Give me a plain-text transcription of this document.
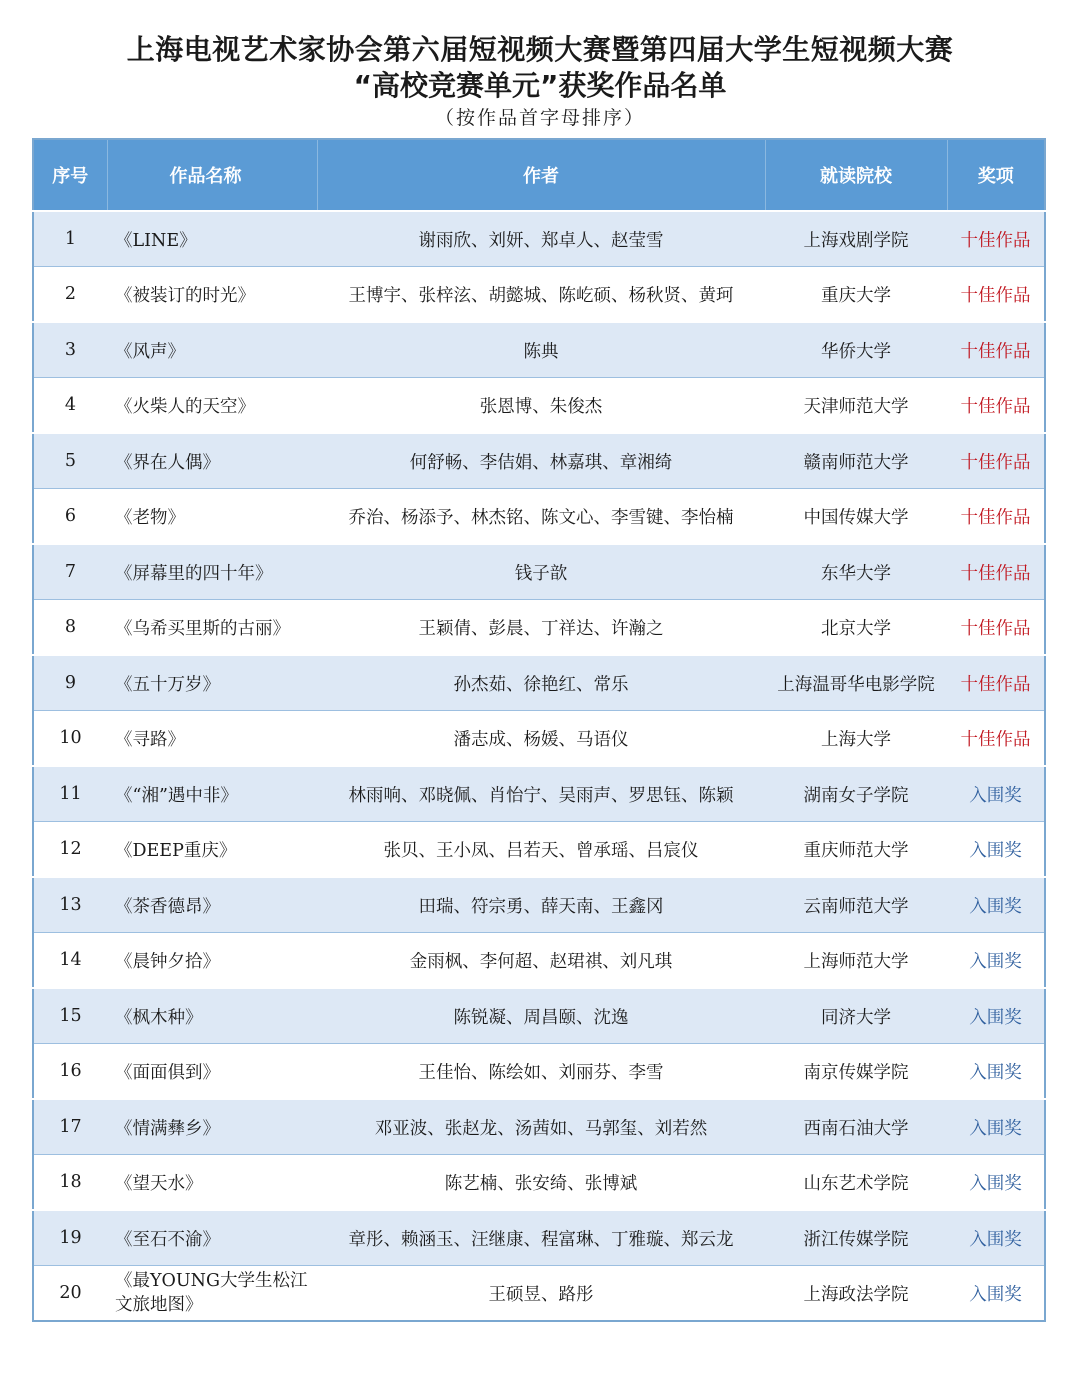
上海电视艺术家协会第六届短视频大赛暨第四届大学生短视频大赛
“高校竞赛单元”获奖作品名单
（按作品首字母排序）
序号	作品名称	作者	就读院校	奖项
1	《LINE》	谢雨欣、刘妍、郑卓人、赵莹雪	上海戏剧学院	十佳作品
2	《被装订的时光》	王博宇、张梓泫、胡懿城、陈屹硕、杨秋贤、黄珂	重庆大学	十佳作品
3	《风声》	陈典	华侨大学	十佳作品
4	《火柴人的天空》	张恩博、朱俊杰	天津师范大学	十佳作品
5	《界在人偶》	何舒畅、李佶娟、林嘉琪、章湘绮	赣南师范大学	十佳作品
6	《老物》	乔治、杨添予、林杰铭、陈文心、李雪键、李怡楠	中国传媒大学	十佳作品
7	《屏幕里的四十年》	钱子歆	东华大学	十佳作品
8	《乌希买里斯的古丽》	王颖倩、彭晨、丁祥达、许瀚之	北京大学	十佳作品
9	《五十万岁》	孙杰茹、徐艳红、常乐	上海温哥华电影学院	十佳作品
10	《寻路》	潘志成、杨媛、马语仪	上海大学	十佳作品
11	《“湘”遇中非》	林雨响、邓晓佩、肖怡宁、吴雨声、罗思钰、陈颖	湖南女子学院	入围奖
12	《DEEP重庆》	张贝、王小凤、吕若天、曾承瑶、吕宸仪	重庆师范大学	入围奖
13	《茶香德昂》	田瑞、符宗勇、薛天南、王鑫冈	云南师范大学	入围奖
14	《晨钟夕拾》	金雨枫、李何超、赵珺祺、刘凡琪	上海师范大学	入围奖
15	《枫木种》	陈锐凝、周昌颐、沈逸	同济大学	入围奖
16	《面面俱到》	王佳怡、陈绘如、刘丽芬、李雪	南京传媒学院	入围奖
17	《情满彝乡》	邓亚波、张赵龙、汤茜如、马郭玺、刘若然	西南石油大学	入围奖
18	《望天水》	陈艺楠、张安绮、张博斌	山东艺术学院	入围奖
19	《至石不渝》	章彤、赖涵玉、汪继康、程富琳、丁雅璇、郑云龙	浙江传媒学院	入围奖
20	《最YOUNG大学生松江文旅地图》	王硕昱、路彤	上海政法学院	入围奖
